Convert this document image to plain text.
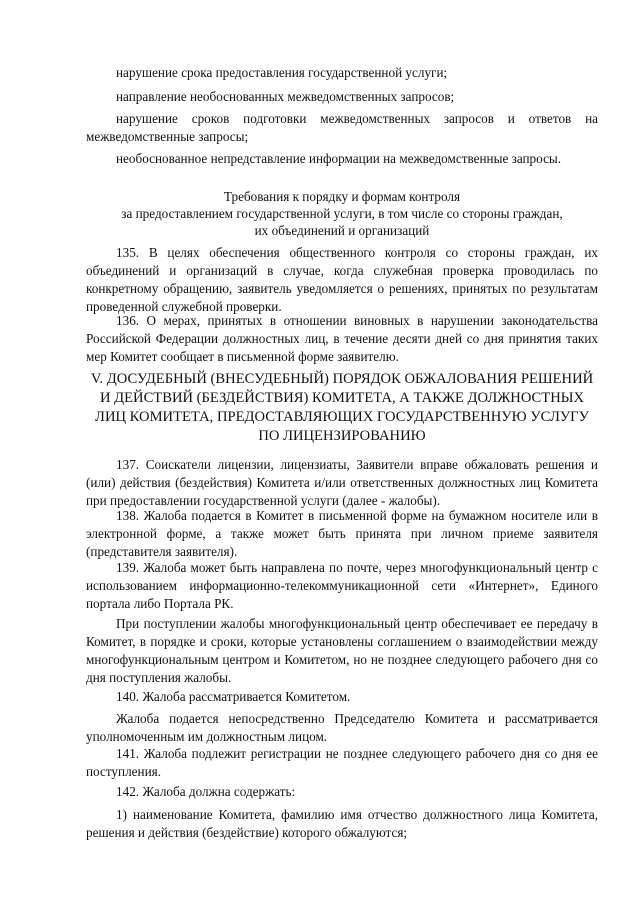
нарушение срока предоставления государственной услуги;
направление необоснованных межведомственных запросов;
нарушение сроков подготовки межведомственных запросов и ответов на межведомственные запросы;
необоснованное непредставление информации на межведомственные запросы.
Требования к порядку и формам контроля
за предоставлением государственной услуги, в том числе со стороны граждан,
их объединений и организаций
135. В целях обеспечения общественного контроля со стороны граждан, их объединений и организаций в случае, когда служебная проверка проводилась по конкретному обращению, заявитель уведомляется о решениях, принятых по результатам проведенной служебной проверки.
136. О мерах, принятых в отношении виновных в нарушении законодательства Российской Федерации должностных лиц, в течение десяти дней со дня принятия таких мер Комитет сообщает в письменной форме заявителю.
V. ДОСУДЕБНЫЙ (ВНЕСУДЕБНЫЙ) ПОРЯДОК ОБЖАЛОВАНИЯ РЕШЕНИЙ
И ДЕЙСТВИЙ (БЕЗДЕЙСТВИЯ) КОМИТЕТА, А ТАКЖЕ ДОЛЖНОСТНЫХ
ЛИЦ КОМИТЕТА, ПРЕДОСТАВЛЯЮЩИХ ГОСУДАРСТВЕННУЮ УСЛУГУ
ПО ЛИЦЕНЗИРОВАНИЮ
137. Соискатели лицензии, лицензиаты, Заявители вправе обжаловать решения и (или) действия (бездействия) Комитета и/или ответственных должностных лиц Комитета при предоставлении государственной услуги (далее - жалобы).
138. Жалоба подается в Комитет в письменной форме на бумажном носителе или в электронной форме, а также может быть принята при личном приеме заявителя (представителя заявителя).
139. Жалоба может быть направлена по почте, через многофункциональный центр с использованием информационно-телекоммуникационной сети «Интернет», Единого портала либо Портала РК.
При поступлении жалобы многофункциональный центр обеспечивает ее передачу в Комитет, в порядке и сроки, которые установлены соглашением о взаимодействии между многофункциональным центром и Комитетом, но не позднее следующего рабочего дня со дня поступления жалобы.
140. Жалоба рассматривается Комитетом.
Жалоба подается непосредственно Председателю Комитета и рассматривается уполномоченным им должностным лицом.
141. Жалоба подлежит регистрации не позднее следующего рабочего дня со дня ее поступления.
142. Жалоба должна содержать:
1) наименование Комитета, фамилию имя отчество должностного лица Комитета, решения и действия (бездействие) которого обжалуются;
